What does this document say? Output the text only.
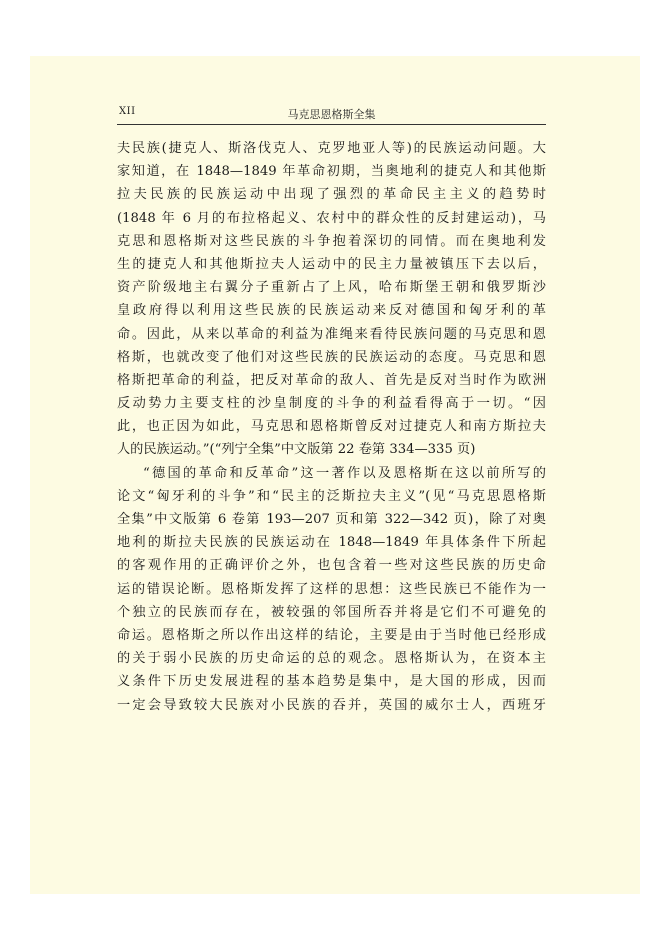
XII	马克思恩格斯全集
夫民族(捷克人、斯洛伐克人、克罗地亚人等)的民族运动问题。大
家知道，在 1848—1849 年革命初期，当奥地利的捷克人和其他斯
拉夫民族的民族运动中出现了强烈的革命民主主义的趋势时
(1848 年 6 月的布拉格起义、农村中的群众性的反封建运动)，马
克思和恩格斯对这些民族的斗争抱着深切的同情。而在奥地利发
生的捷克人和其他斯拉夫人运动中的民主力量被镇压下去以后，
资产阶级地主右翼分子重新占了上风，哈布斯堡王朝和俄罗斯沙
皇政府得以利用这些民族的民族运动来反对德国和匈牙利的革
命。因此，从来以革命的利益为准绳来看待民族问题的马克思和恩
格斯，也就改变了他们对这些民族的民族运动的态度。马克思和恩
格斯把革命的利益，把反对革命的敌人、首先是反对当时作为欧洲
反动势力主要支柱的沙皇制度的斗争的利益看得高于一切。“因
此，也正因为如此，马克思和恩格斯曾反对过捷克人和南方斯拉夫
人的民族运动。”(“列宁全集”中文版第 22 卷第 334—335 页)
“德国的革命和反革命”这一著作以及恩格斯在这以前所写的
论文“匈牙利的斗争”和“民主的泛斯拉夫主义”(见“马克思恩格斯
全集”中文版第 6 卷第 193—207 页和第 322—342 页)，除了对奥
地利的斯拉夫民族的民族运动在 1848—1849 年具体条件下所起
的客观作用的正确评价之外，也包含着一些对这些民族的历史命
运的错误论断。恩格斯发挥了这样的思想：这些民族已不能作为一
个独立的民族而存在，被较强的邻国所吞并将是它们不可避免的
命运。恩格斯之所以作出这样的结论，主要是由于当时他已经形成
的关于弱小民族的历史命运的总的观念。恩格斯认为，在资本主
义条件下历史发展进程的基本趋势是集中，是大国的形成，因而
一定会导致较大民族对小民族的吞并，英国的威尔士人，西班牙
